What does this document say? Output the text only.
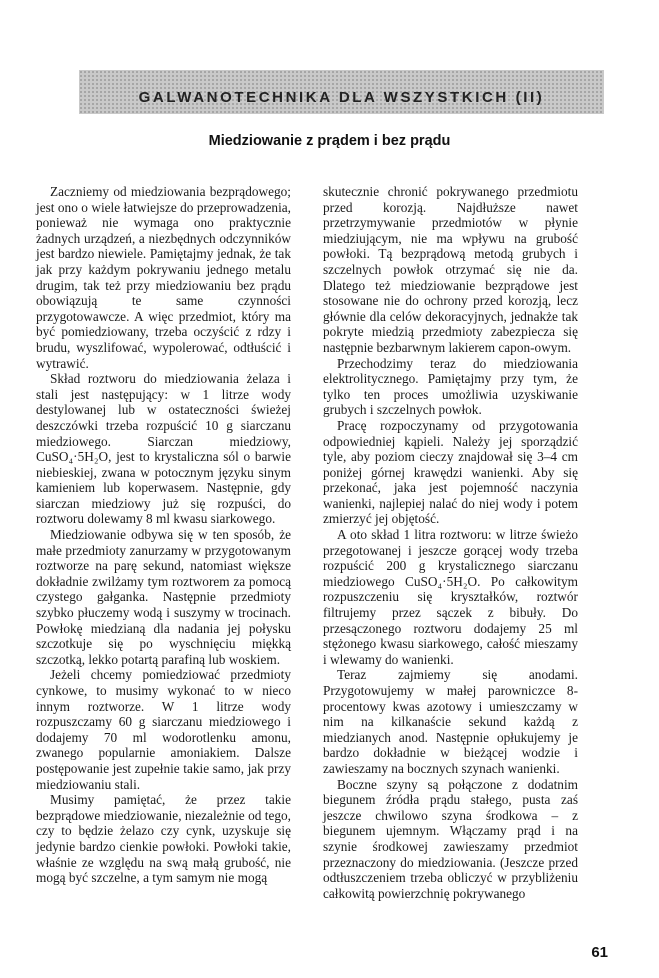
GALWANOTECHNIKA DLA WSZYSTKICH (II)
Miedziowanie z prądem i bez prądu

Zaczniemy od miedziowania bezprądowego; jest ono o wiele łatwiejsze do przeprowadzenia, ponieważ nie wymaga ono praktycznie żadnych urządzeń, a niezbędnych odczynników jest bardzo niewiele. Pamiętajmy jednak, że tak jak przy każdym pokrywaniu jednego metalu drugim, tak też przy miedziowaniu bez prądu obowiązują te same czynności przygotowawcze. A więc przedmiot, który ma być pomiedziowany, trzeba oczyścić z rdzy i brudu, wyszlifować, wypolerować, odtłuścić i wytrawić.

Skład roztworu do miedziowania żelaza i stali jest następujący: w 1 litrze wody destylowanej lub w ostateczności świeżej deszczówki trzeba rozpuścić 10 g siarczanu miedziowego. Siarczan miedziowy, CuSO₄·5H₂O, jest to krystaliczna sól o barwie niebieskiej, zwana w potocznym języku sinym kamieniem lub koperwasem. Następnie, gdy siarczan miedziowy już się rozpuści, do roztworu dolewamy 8 ml kwasu siarkowego.

Miedziowanie odbywa się w ten sposób, że małe przedmioty zanurzamy w przygotowanym roztworze na parę sekund, natomiast większe dokładnie zwilżamy tym roztworem za pomocą czystego gałganka. Następnie przedmioty szybko płuczemy wodą i suszymy w trocinach. Powłokę miedzianą dla nadania jej połysku szczotkuje się po wyschnięciu miękką szczotką, lekko potartą parafiną lub woskiem.

Jeżeli chcemy pomiedziować przedmioty cynkowe, to musimy wykonać to w nieco innym roztworze. W 1 litrze wody rozpuszczamy 60 g siarczanu miedziowego i dodajemy 70 ml wodorotlenku amonu, zwanego popularnie amoniakiem. Dalsze postępowanie jest zupełnie takie samo, jak przy miedziowaniu stali.

Musimy pamiętać, że przez takie bezprądowe miedziowanie, niezależnie od tego, czy to będzie żelazo czy cynk, uzyskuje się jedynie bardzo cienkie powłoki. Powłoki takie, właśnie ze względu na swą małą grubość, nie mogą być szczelne, a tym samym nie mogą

skutecznie chronić pokrywanego przedmiotu przed korozją. Najdłuższe nawet przetrzymywanie przedmiotów w płynie miedziującym, nie ma wpływu na grubość powłoki. Tą bezprądową metodą grubych i szczelnych powłok otrzymać się nie da. Dlatego też miedziowanie bezprądowe jest stosowane nie do ochrony przed korozją, lecz głównie dla celów dekoracyjnych, jednakże tak pokryte miedzią przedmioty zabezpiecza się następnie bezbarwnym lakierem capon-owym.

Przechodzimy teraz do miedziowania elektrolitycznego. Pamiętajmy przy tym, że tylko ten proces umożliwia uzyskiwanie grubych i szczelnych powłok.

Pracę rozpoczynamy od przygotowania odpowiedniej kąpieli. Należy jej sporządzić tyle, aby poziom cieczy znajdował się 3–4 cm poniżej górnej krawędzi wanienki. Aby się przekonać, jaka jest pojemność naczynia wanienki, najlepiej nalać do niej wody i potem zmierzyć jej objętość.

A oto skład 1 litra roztworu: w litrze świeżo przegotowanej i jeszcze gorącej wody trzeba rozpuścić 200 g krystalicznego siarczanu miedziowego CuSO₄·5H₂O. Po całkowitym rozpuszczeniu się kryształków, roztwór filtrujemy przez sączek z bibuły. Do przesączonego roztworu dodajemy 25 ml stężonego kwasu siarkowego, całość mieszamy i wlewamy do wanienki.

Teraz zajmiemy się anodami. Przygotowujemy w małej parowniczce 8-procentowy kwas azotowy i umieszczamy w nim na kilkanaście sekund każdą z miedzianych anod. Następnie opłukujemy je bardzo dokładnie w bieżącej wodzie i zawieszamy na bocznych szynach wanienki.

Boczne szyny są połączone z dodatnim biegunem źródła prądu stałego, pusta zaś jeszcze chwilowo szyna środkowa – z biegunem ujemnym. Włączamy prąd i na szynie środkowej zawieszamy przedmiot przeznaczony do miedziowania. (Jeszcze przed odtłuszczeniem trzeba obliczyć w przybliżeniu całkowitą powierzchnię pokrywanego

61
